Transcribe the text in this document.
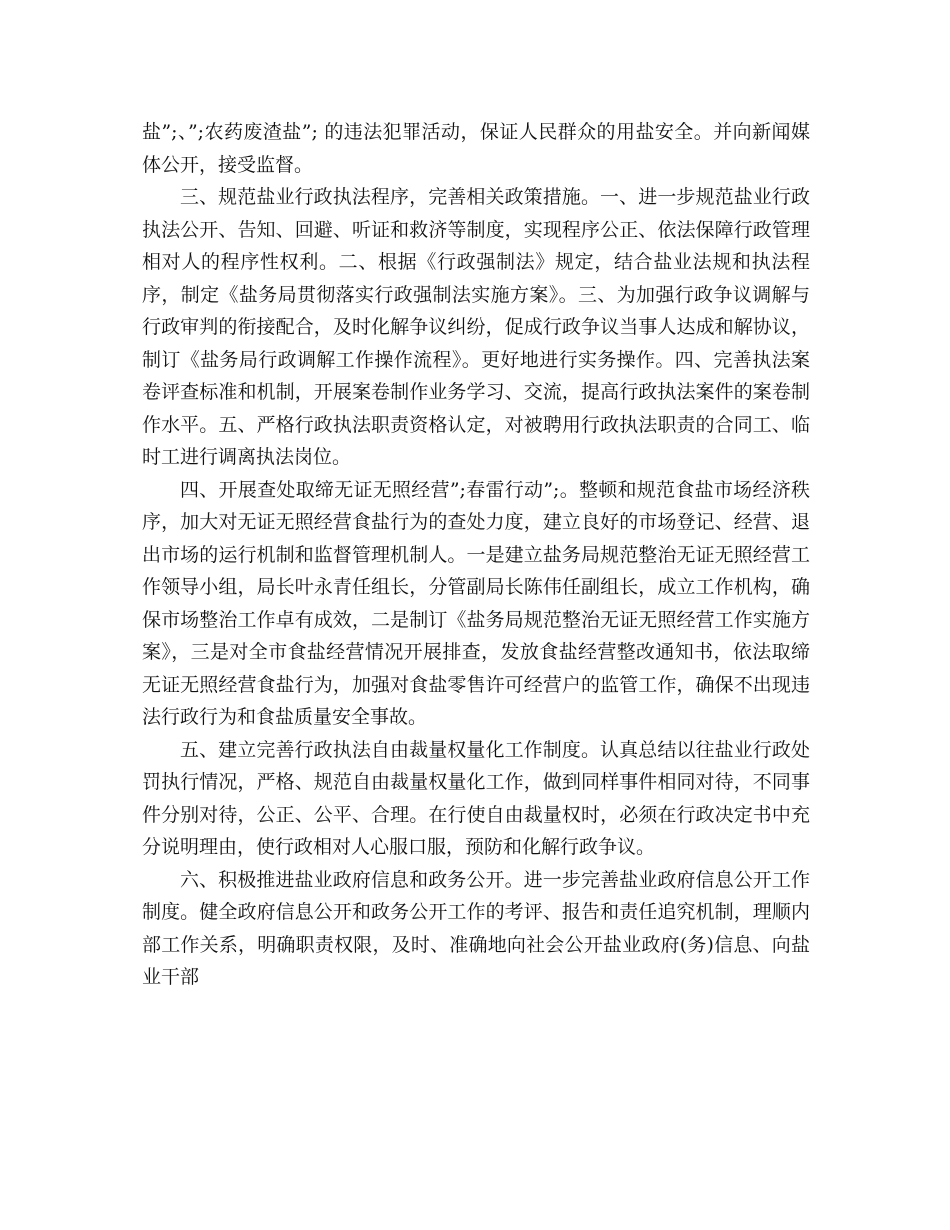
盐”;、”;农药废渣盐”; 的违法犯罪活动，保证人民群众的用盐安全。并向新闻媒体公开，接受监督。

三、规范盐业行政执法程序，完善相关政策措施。一、进一步规范盐业行政执法公开、告知、回避、听证和救济等制度，实现程序公正、依法保障行政管理相对人的程序性权利。二、根据《行政强制法》规定，结合盐业法规和执法程序，制定《盐务局贯彻落实行政强制法实施方案》。三、为加强行政争议调解与行政审判的衔接配合，及时化解争议纠纷，促成行政争议当事人达成和解协议，制订《盐务局行政调解工作操作流程》。更好地进行实务操作。四、完善执法案卷评查标准和机制，开展案卷制作业务学习、交流，提高行政执法案件的案卷制作水平。五、严格行政执法职责资格认定，对被聘用行政执法职责的合同工、临时工进行调离执法岗位。

四、开展查处取缔无证无照经营”;春雷行动”;。整顿和规范食盐市场经济秩序，加大对无证无照经营食盐行为的查处力度，建立良好的市场登记、经营、退出市场的运行机制和监督管理机制人。一是建立盐务局规范整治无证无照经营工作领导小组，局长叶永青任组长，分管副局长陈伟任副组长，成立工作机构，确保市场整治工作卓有成效，二是制订《盐务局规范整治无证无照经营工作实施方案》，三是对全市食盐经营情况开展排查，发放食盐经营整改通知书，依法取缔无证无照经营食盐行为，加强对食盐零售许可经营户的监管工作，确保不出现违法行政行为和食盐质量安全事故。

五、建立完善行政执法自由裁量权量化工作制度。认真总结以往盐业行政处罚执行情况，严格、规范自由裁量权量化工作，做到同样事件相同对待，不同事件分别对待，公正、公平、合理。在行使自由裁量权时，必须在行政决定书中充分说明理由，使行政相对人心服口服，预防和化解行政争议。

六、积极推进盐业政府信息和政务公开。进一步完善盐业政府信息公开工作制度。健全政府信息公开和政务公开工作的考评、报告和责任追究机制，理顺内部工作关系，明确职责权限，及时、准确地向社会公开盐业政府(务)信息、向盐业干部
